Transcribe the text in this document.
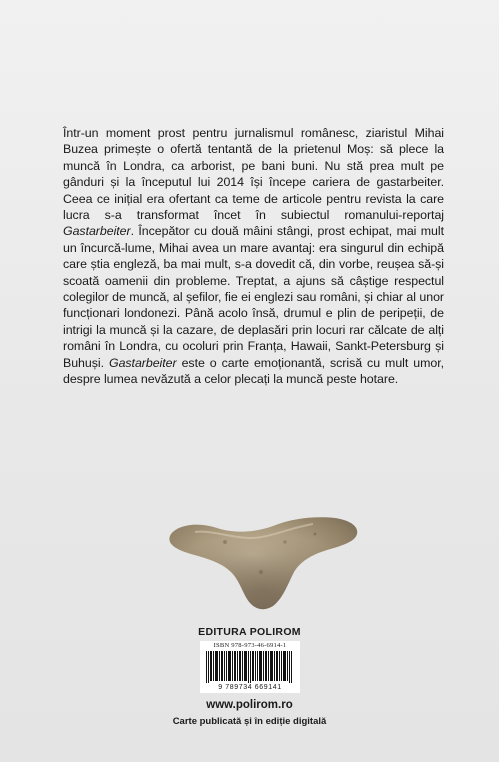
Într-un moment prost pentru jurnalismul românesc, ziaristul Mihai Buzea primește o ofertă tentantă de la prietenul Moș: să plece la muncă în Londra, ca arborist, pe bani buni. Nu stă prea mult pe gânduri și la începutul lui 2014 își începe cariera de gastarbeiter. Ceea ce inițial era ofertant ca teme de articole pentru revista la care lucra s-a transformat încet în subiectul romanului-reportaj Gastarbeiter. Începător cu două mâini stângi, prost echipat, mai mult un încurcă-lume, Mihai avea un mare avantaj: era singurul din echipă care știa engleză, ba mai mult, s-a dovedit că, din vorbe, reușea să-și scoată oamenii din probleme. Treptat, a ajuns să câștige respectul colegilor de muncă, al șefilor, fie ei englezi sau români, și chiar al unor funcționari londonezi. Până acolo însă, drumul e plin de peripeții, de intrigi la muncă și la cazare, de deplasări prin locuri rar călcate de alți români în Londra, cu ocoluri prin Franța, Hawaii, Sankt-Petersburg și Buhuși. Gastarbeiter este o carte emoționantă, scrisă cu mult umor, despre lumea nevăzută a celor plecați la muncă peste hotare.

EDITURA POLIROM
ISBN 978-973-46-6914-1
9 789734 669141
www.polirom.ro
Carte publicată și în ediție digitală
